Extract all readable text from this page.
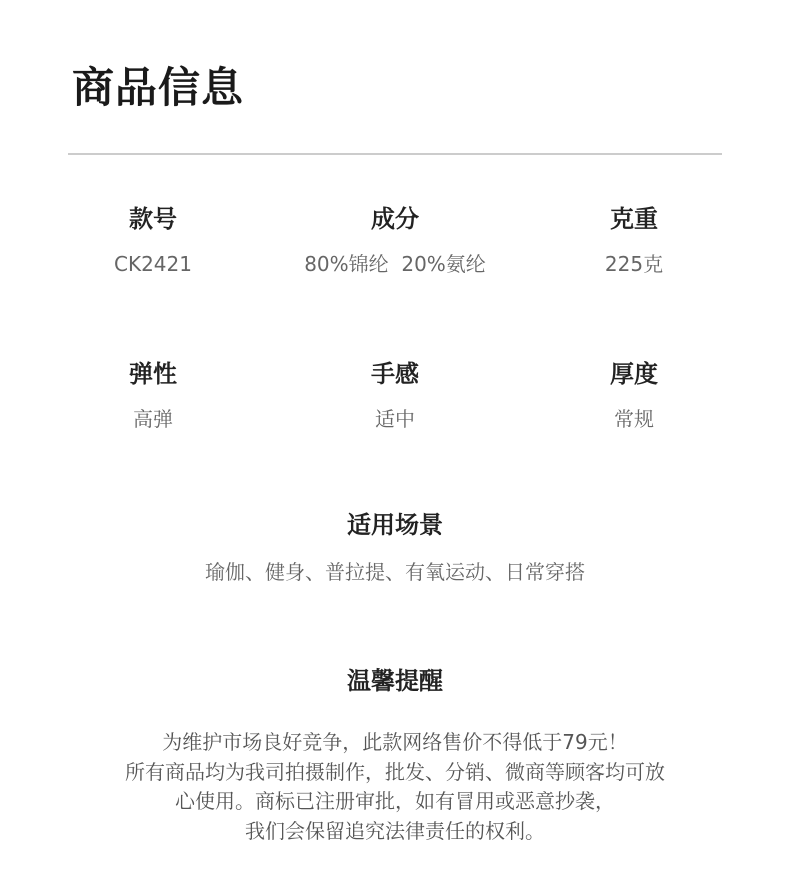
商品信息
款号
CK2421
成分
80%锦纶  20%氨纶
克重
225克
弹性
高弹
手感
适中
厚度
常规
适用场景
瑜伽、健身、普拉提、有氧运动、日常穿搭
温馨提醒
为维护市场良好竞争，此款网络售价不得低于79元！
所有商品均为我司拍摄制作，批发、分销、微商等顾客均可放
心使用。商标已注册审批，如有冒用或恶意抄袭，
我们会保留追究法律责任的权利。
